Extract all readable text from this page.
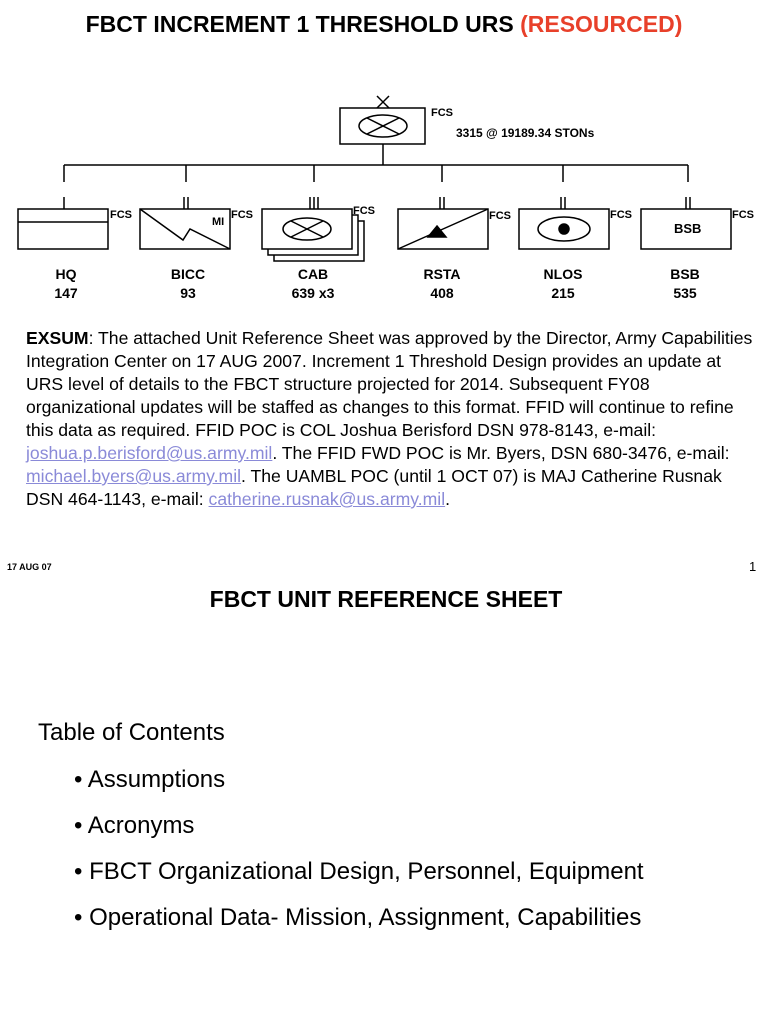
FBCT INCREMENT 1 THRESHOLD URS (RESOURCED)
FCS
3315 @ 19189.34 STONs
FCS	FCS	FCS	FCS	FCS	FCS
MI	BSB
HQ
147
BICC
93
CAB
639 x3
RSTA
408
NLOS
215
BSB
535
EXSUM: The attached Unit Reference Sheet was approved by the Director, Army Capabilities Integration Center on 17 AUG 2007. Increment 1 Threshold Design provides an update at URS level of details to the FBCT structure projected for 2014. Subsequent FY08 organizational updates will be staffed as changes to this format. FFID will continue to refine this data as required. FFID POC is COL Joshua Berisford DSN 978-8143, e-mail: joshua.p.berisford@us.army.mil. The FFID FWD POC is Mr. Byers, DSN 680-3476, e-mail: michael.byers@us.army.mil. The UAMBL POC (until 1 OCT 07) is MAJ Catherine Rusnak DSN 464-1143, e-mail: catherine.rusnak@us.army.mil.
17 AUG 07	1
FBCT UNIT REFERENCE SHEET
Table of Contents
• Assumptions
• Acronyms
• FBCT Organizational Design, Personnel, Equipment
• Operational Data- Mission, Assignment, Capabilities
